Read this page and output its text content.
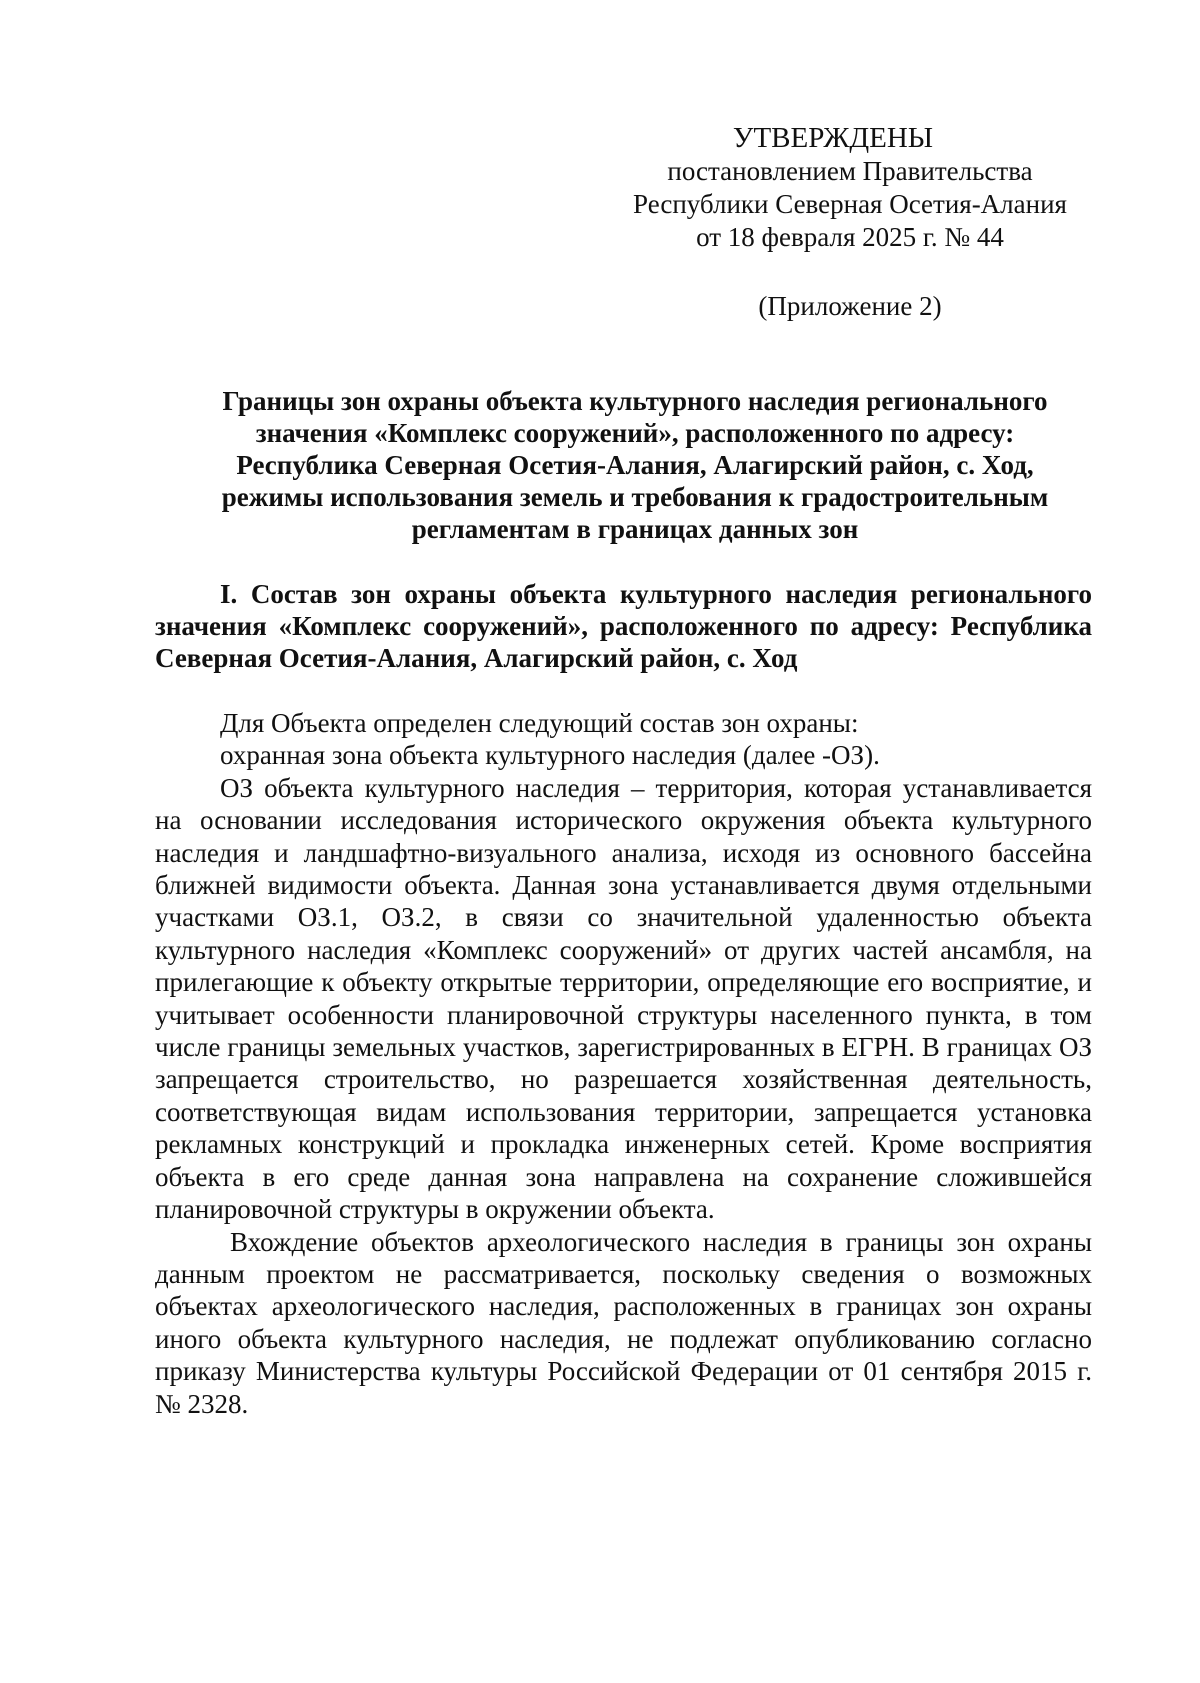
УТВЕРЖДЕНЫ
постановлением Правительства
Республики Северная Осетия-Алания
от 18 февраля 2025 г. № 44
(Приложение 2)
Границы зон охраны объекта культурного наследия регионального
значения «Комплекс сооружений», расположенного по адресу:
Республика Северная Осетия-Алания, Алагирский район, с. Ход,
режимы использования земель и требования к градостроительным
регламентам в границах данных зон
I. Состав зон охраны объекта культурного наследия регионального значения «Комплекс сооружений», расположенного по адресу: Республика Северная Осетия-Алания, Алагирский район, с. Ход

Для Объекта определен следующий состав зон охраны:

охранная зона объекта культурного наследия (далее -ОЗ).

ОЗ объекта культурного наследия – территория, которая устанавливается на основании исследования исторического окружения объекта культурного наследия и ландшафтно-визуального анализа, исходя из основного бассейна ближней видимости объекта. Данная зона устанавливается двумя отдельными участками ОЗ.1, ОЗ.2, в связи со значительной удаленностью объекта культурного наследия «Комплекс сооружений» от других частей ансамбля, на прилегающие к объекту открытые территории, определяющие его восприятие, и учитывает особенности планировочной структуры населенного пункта, в том числе границы земельных участков, зарегистрированных в ЕГРН. В границах ОЗ запрещается строительство, но разрешается хозяйственная деятельность, соответствующая видам использования территории, запрещается установка рекламных конструкций и прокладка инженерных сетей. Кроме восприятия объекта в его среде данная зона направлена на сохранение сложившейся планировочной структуры в окружении объекта.

Вхождение объектов археологического наследия в границы зон охраны данным проектом не рассматривается, поскольку сведения о возможных объектах археологического наследия, расположенных в границах зон охраны иного объекта культурного наследия, не подлежат опубликованию согласно приказу Министерства культуры Российской Федерации от 01 сентября 2015 г. № 2328.
